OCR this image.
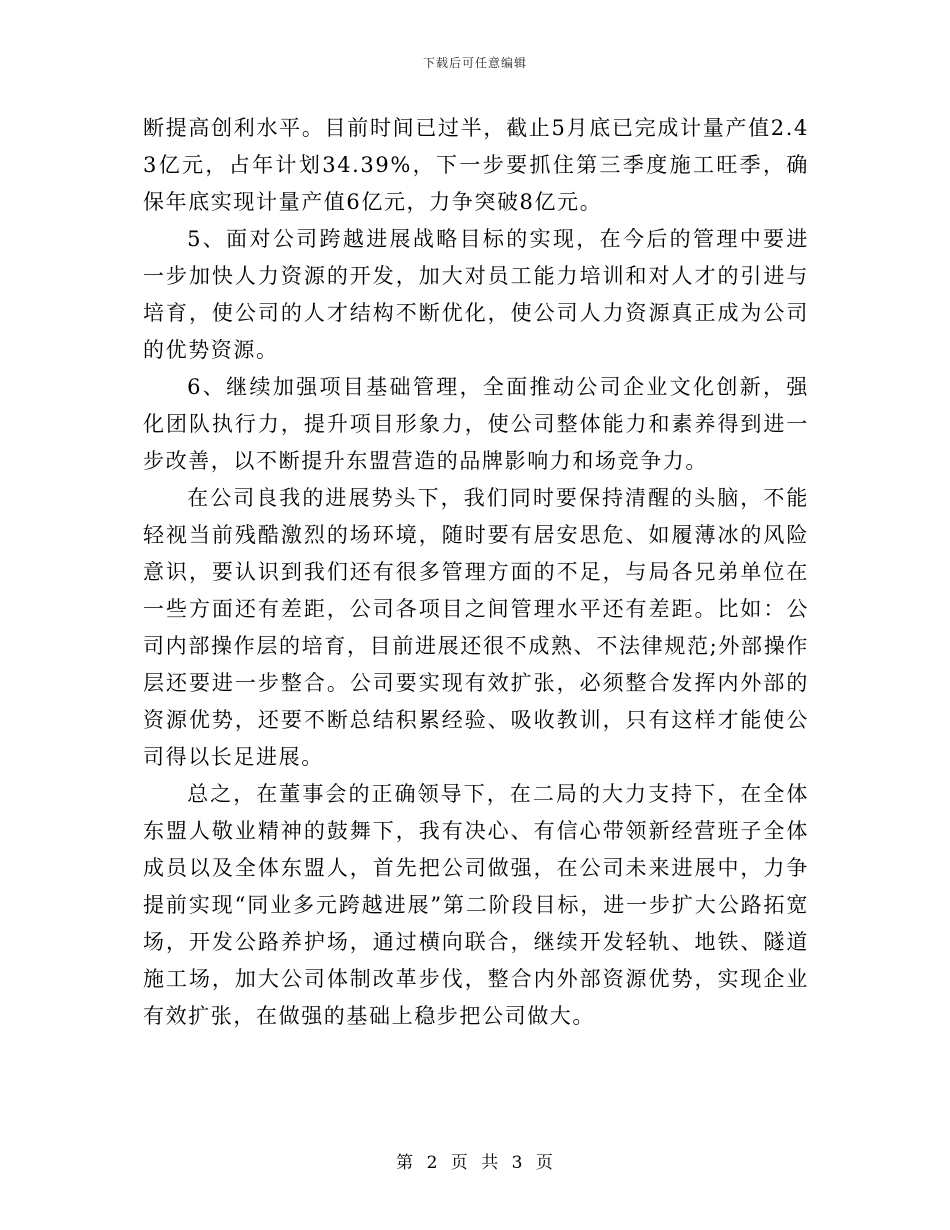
下载后可任意编辑

断提高创利水平。目前时间已过半，截止5月底已完成计量产值2.43亿元，占年计划34.39%，下一步要抓住第三季度施工旺季，确保年底实现计量产值6亿元，力争突破8亿元。

5、面对公司跨越进展战略目标的实现，在今后的管理中要进一步加快人力资源的开发，加大对员工能力培训和对人才的引进与培育，使公司的人才结构不断优化，使公司人力资源真正成为公司的优势资源。

6、继续加强项目基础管理，全面推动公司企业文化创新，强化团队执行力，提升项目形象力，使公司整体能力和素养得到进一步改善，以不断提升东盟营造的品牌影响力和场竞争力。

在公司良我的进展势头下，我们同时要保持清醒的头脑，不能轻视当前残酷激烈的场环境，随时要有居安思危、如履薄冰的风险意识，要认识到我们还有很多管理方面的不足，与局各兄弟单位在一些方面还有差距，公司各项目之间管理水平还有差距。比如：公司内部操作层的培育，目前进展还很不成熟、不法律规范;外部操作层还要进一步整合。公司要实现有效扩张，必须整合发挥内外部的资源优势，还要不断总结积累经验、吸收教训，只有这样才能使公司得以长足进展。

总之，在董事会的正确领导下，在二局的大力支持下，在全体东盟人敬业精神的鼓舞下，我有决心、有信心带领新经营班子全体成员以及全体东盟人，首先把公司做强，在公司未来进展中，力争提前实现“同业多元跨越进展”第二阶段目标，进一步扩大公路拓宽场，开发公路养护场，通过横向联合，继续开发轻轨、地铁、隧道施工场，加大公司体制改革步伐，整合内外部资源优势，实现企业有效扩张，在做强的基础上稳步把公司做大。

第 2 页 共 3 页
